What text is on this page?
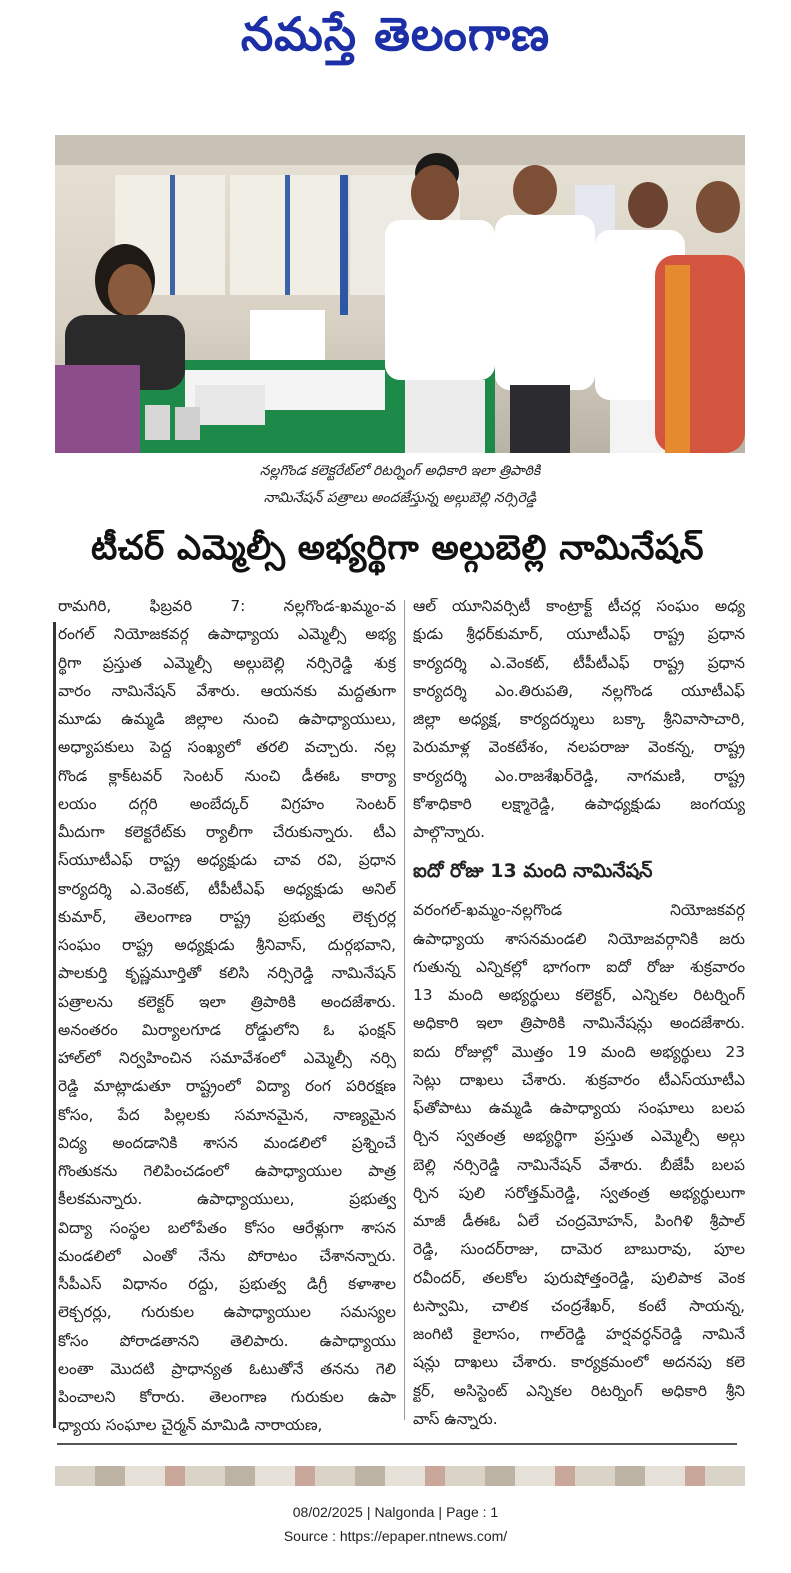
నమస్తే తెలంగాణ
నల్లగొండ కలెక్టరేట్‌లో రిటర్నింగ్ అధికారి ఇలా త్రిపాఠికి
నామినేషన్ పత్రాలు అందజేస్తున్న అల్గుబెల్లి నర్సిరెడ్డి
టీచర్ ఎమ్మెల్సీ అభ్యర్థిగా అల్గుబెల్లి నామినేషన్
రామగిరి, ఫిబ్రవరి 7: నల్లగొండ-ఖమ్మం-వ
రంగల్ నియోజకవర్గ ఉపాధ్యాయ ఎమ్మెల్సీ అభ్య
ర్థిగా ప్రస్తుత ఎమ్మెల్సీ అల్గుబెల్లి నర్సిరెడ్డి శుక్ర
వారం నామినేషన్ వేశారు. ఆయనకు మద్దతుగా
మూడు ఉమ్మడి జిల్లాల నుంచి ఉపాధ్యాయులు,
అధ్యాపకులు పెద్ద సంఖ్యలో తరలి వచ్చారు. నల్ల
గొండ క్లాక్‌టవర్ సెంటర్ నుంచి డీఈఓ కార్యా
లయం దగ్గరి అంబేద్కర్ విగ్రహం సెంటర్
మీదుగా కలెక్టరేట్‌కు ర్యాలీగా చేరుకున్నారు. టీఎ
స్‌యూటీఎఫ్ రాష్ట్ర అధ్యక్షుడు చావ రవి, ప్రధాన
కార్యదర్శి ఎ.వెంకట్, టీపీటీఎఫ్ అధ్యక్షుడు అనిల్
కుమార్, తెలంగాణ రాష్ట్ర ప్రభుత్వ లెక్చరర్ల
సంఘం రాష్ట్ర అధ్యక్షుడు శ్రీనివాస్, దుర్గభవాని,
పాలకుర్తి కృష్ణమూర్తితో కలిసి నర్సిరెడ్డి నామినేషన్
పత్రాలను కలెక్టర్ ఇలా త్రిపాఠికి అందజేశారు.
అనంతరం మిర్యాలగూడ రోడ్డులోని ఓ ఫంక్షన్
హాల్‌లో నిర్వహించిన సమావేశంలో ఎమ్మెల్సీ నర్సి
రెడ్డి మాట్లాడుతూ రాష్ట్రంలో విద్యా రంగ పరిరక్షణ
కోసం, పేద పిల్లలకు సమానమైన, నాణ్యమైన
విద్య అందడానికి శాసన మండలిలో ప్రశ్నించే
గొంతుకను గెలిపించడంలో ఉపాధ్యాయుల పాత్ర
కీలకమన్నారు. ఉపాధ్యాయులు, ప్రభుత్వ
విద్యా సంస్థల బలోపేతం కోసం ఆరేళ్లుగా శాసన
మండలిలో ఎంతో నేను పోరాటం చేశానన్నారు.
సీపీఎస్ విధానం రద్దు, ప్రభుత్వ డిగ్రీ కళాశాల
లెక్చరర్లు, గురుకుల ఉపాధ్యాయుల సమస్యల
కోసం పోరాడతానని తెలిపారు. ఉపాధ్యాయు
లంతా మొదటి ప్రాధాన్యత ఓటుతోనే తనను గెలి
పించాలని కోరారు. తెలంగాణ గురుకుల ఉపా
ధ్యాయ సంఘాల చైర్మన్ మామిడి నారాయణ,
ఆల్ యూనివర్సిటీ కాంట్రాక్ట్ టీచర్ల సంఘం అధ్య
క్షుడు శ్రీధర్‌కుమార్, యూటీఎఫ్ రాష్ట్ర ప్రధాన
కార్యదర్శి ఎ.వెంకట్, టీపీటీఎఫ్ రాష్ట్ర ప్రధాన
కార్యదర్శి ఎం.తిరుపతి, నల్లగొండ యూటీఎఫ్
జిల్లా అధ్యక్ష, కార్యదర్శులు బక్కా శ్రీనివాసాచారి,
పెరుమాళ్ల వెంకటేశం, నలపరాజు వెంకన్న, రాష్ట్ర
కార్యదర్శి ఎం.రాజశేఖర్‌రెడ్డి, నాగమణి, రాష్ట్ర
కోశాధికారి లక్ష్మారెడ్డి, ఉపాధ్యక్షుడు జంగయ్య
పాల్గొన్నారు.
ఐదో రోజు 13 మంది నామినేషన్
వరంగల్-ఖమ్మం-నల్లగొండ నియోజకవర్గ
ఉపాధ్యాయ శాసనమండలి నియోజవర్గానికి జరు
గుతున్న ఎన్నికల్లో భాగంగా ఐదో రోజు శుక్రవారం
13 మంది అభ్యర్థులు కలెక్టర్, ఎన్నికల రిటర్నింగ్
అధికారి ఇలా త్రిపాఠికి నామినేషన్లు అందజేశారు.
ఐదు రోజుల్లో మొత్తం 19 మంది అభ్యర్థులు 23
సెట్లు దాఖలు చేశారు. శుక్రవారం టీఎస్‌యూటీఎ
ఫ్‌తోపాటు ఉమ్మడి ఉపాధ్యాయ సంఘాలు బలప
ర్చిన స్వతంత్ర అభ్యర్థిగా ప్రస్తుత ఎమ్మెల్సీ అల్గు
బెల్లి నర్సిరెడ్డి నామినేషన్ వేశారు. బీజేపీ బలప
ర్చిన పులి సరోత్తమ్‌రెడ్డి, స్వతంత్ర అభ్యర్థులుగా
మాజీ డీఈఓ ఏలే చంద్రమోహన్, పింగిళి శ్రీపాల్
రెడ్డి, సుందర్‌రాజు, దామెర బాబురావు, పూల
రవీందర్, తలకోల పురుషోత్తంరెడ్డి, పులిపాక వెంక
టస్వామి, చాలిక చంద్రశేఖర్, కంటే సాయన్న,
జంగిటి కైలాసం, గాల్‌రెడ్డి హర్షవర్ధన్‌రెడ్డి నామినే
షన్లు దాఖలు చేశారు. కార్యక్రమంలో అదనపు కలె
క్టర్, అసిస్టెంట్ ఎన్నికల రిటర్నింగ్ అధికారి శ్రీని
వాస్ ఉన్నారు.
08/02/2025 | Nalgonda | Page : 1
Source : https://epaper.ntnews.com/
